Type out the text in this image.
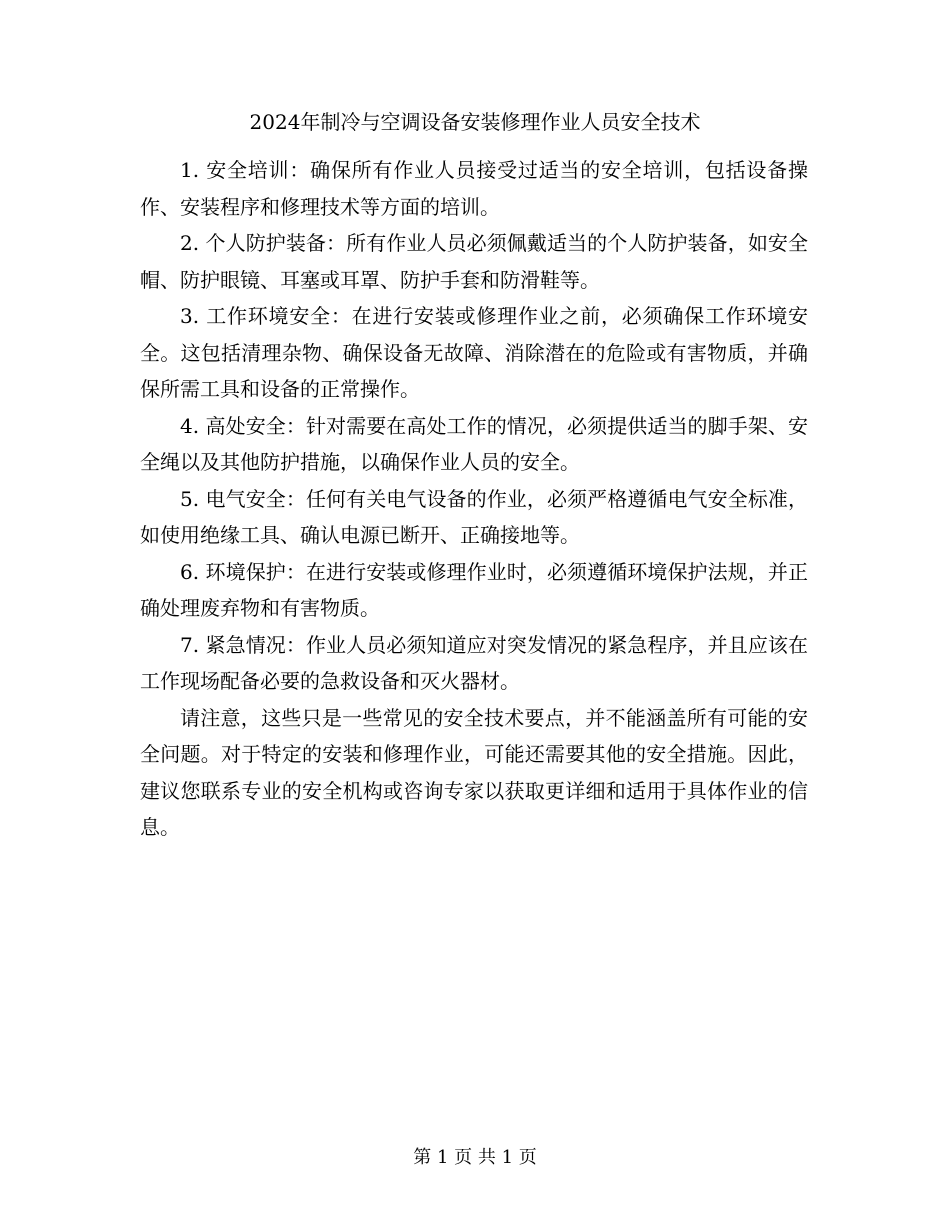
2024年制冷与空调设备安装修理作业人员安全技术

1. 安全培训：确保所有作业人员接受过适当的安全培训，包括设备操作、安装程序和修理技术等方面的培训。

2. 个人防护装备：所有作业人员必须佩戴适当的个人防护装备，如安全帽、防护眼镜、耳塞或耳罩、防护手套和防滑鞋等。

3. 工作环境安全：在进行安装或修理作业之前，必须确保工作环境安全。这包括清理杂物、确保设备无故障、消除潜在的危险或有害物质，并确保所需工具和设备的正常操作。

4. 高处安全：针对需要在高处工作的情况，必须提供适当的脚手架、安全绳以及其他防护措施，以确保作业人员的安全。

5. 电气安全：任何有关电气设备的作业，必须严格遵循电气安全标准，如使用绝缘工具、确认电源已断开、正确接地等。

6. 环境保护：在进行安装或修理作业时，必须遵循环境保护法规，并正确处理废弃物和有害物质。

7. 紧急情况：作业人员必须知道应对突发情况的紧急程序，并且应该在工作现场配备必要的急救设备和灭火器材。

请注意，这些只是一些常见的安全技术要点，并不能涵盖所有可能的安全问题。对于特定的安装和修理作业，可能还需要其他的安全措施。因此，建议您联系专业的安全机构或咨询专家以获取更详细和适用于具体作业的信息。

第 1 页 共 1 页
